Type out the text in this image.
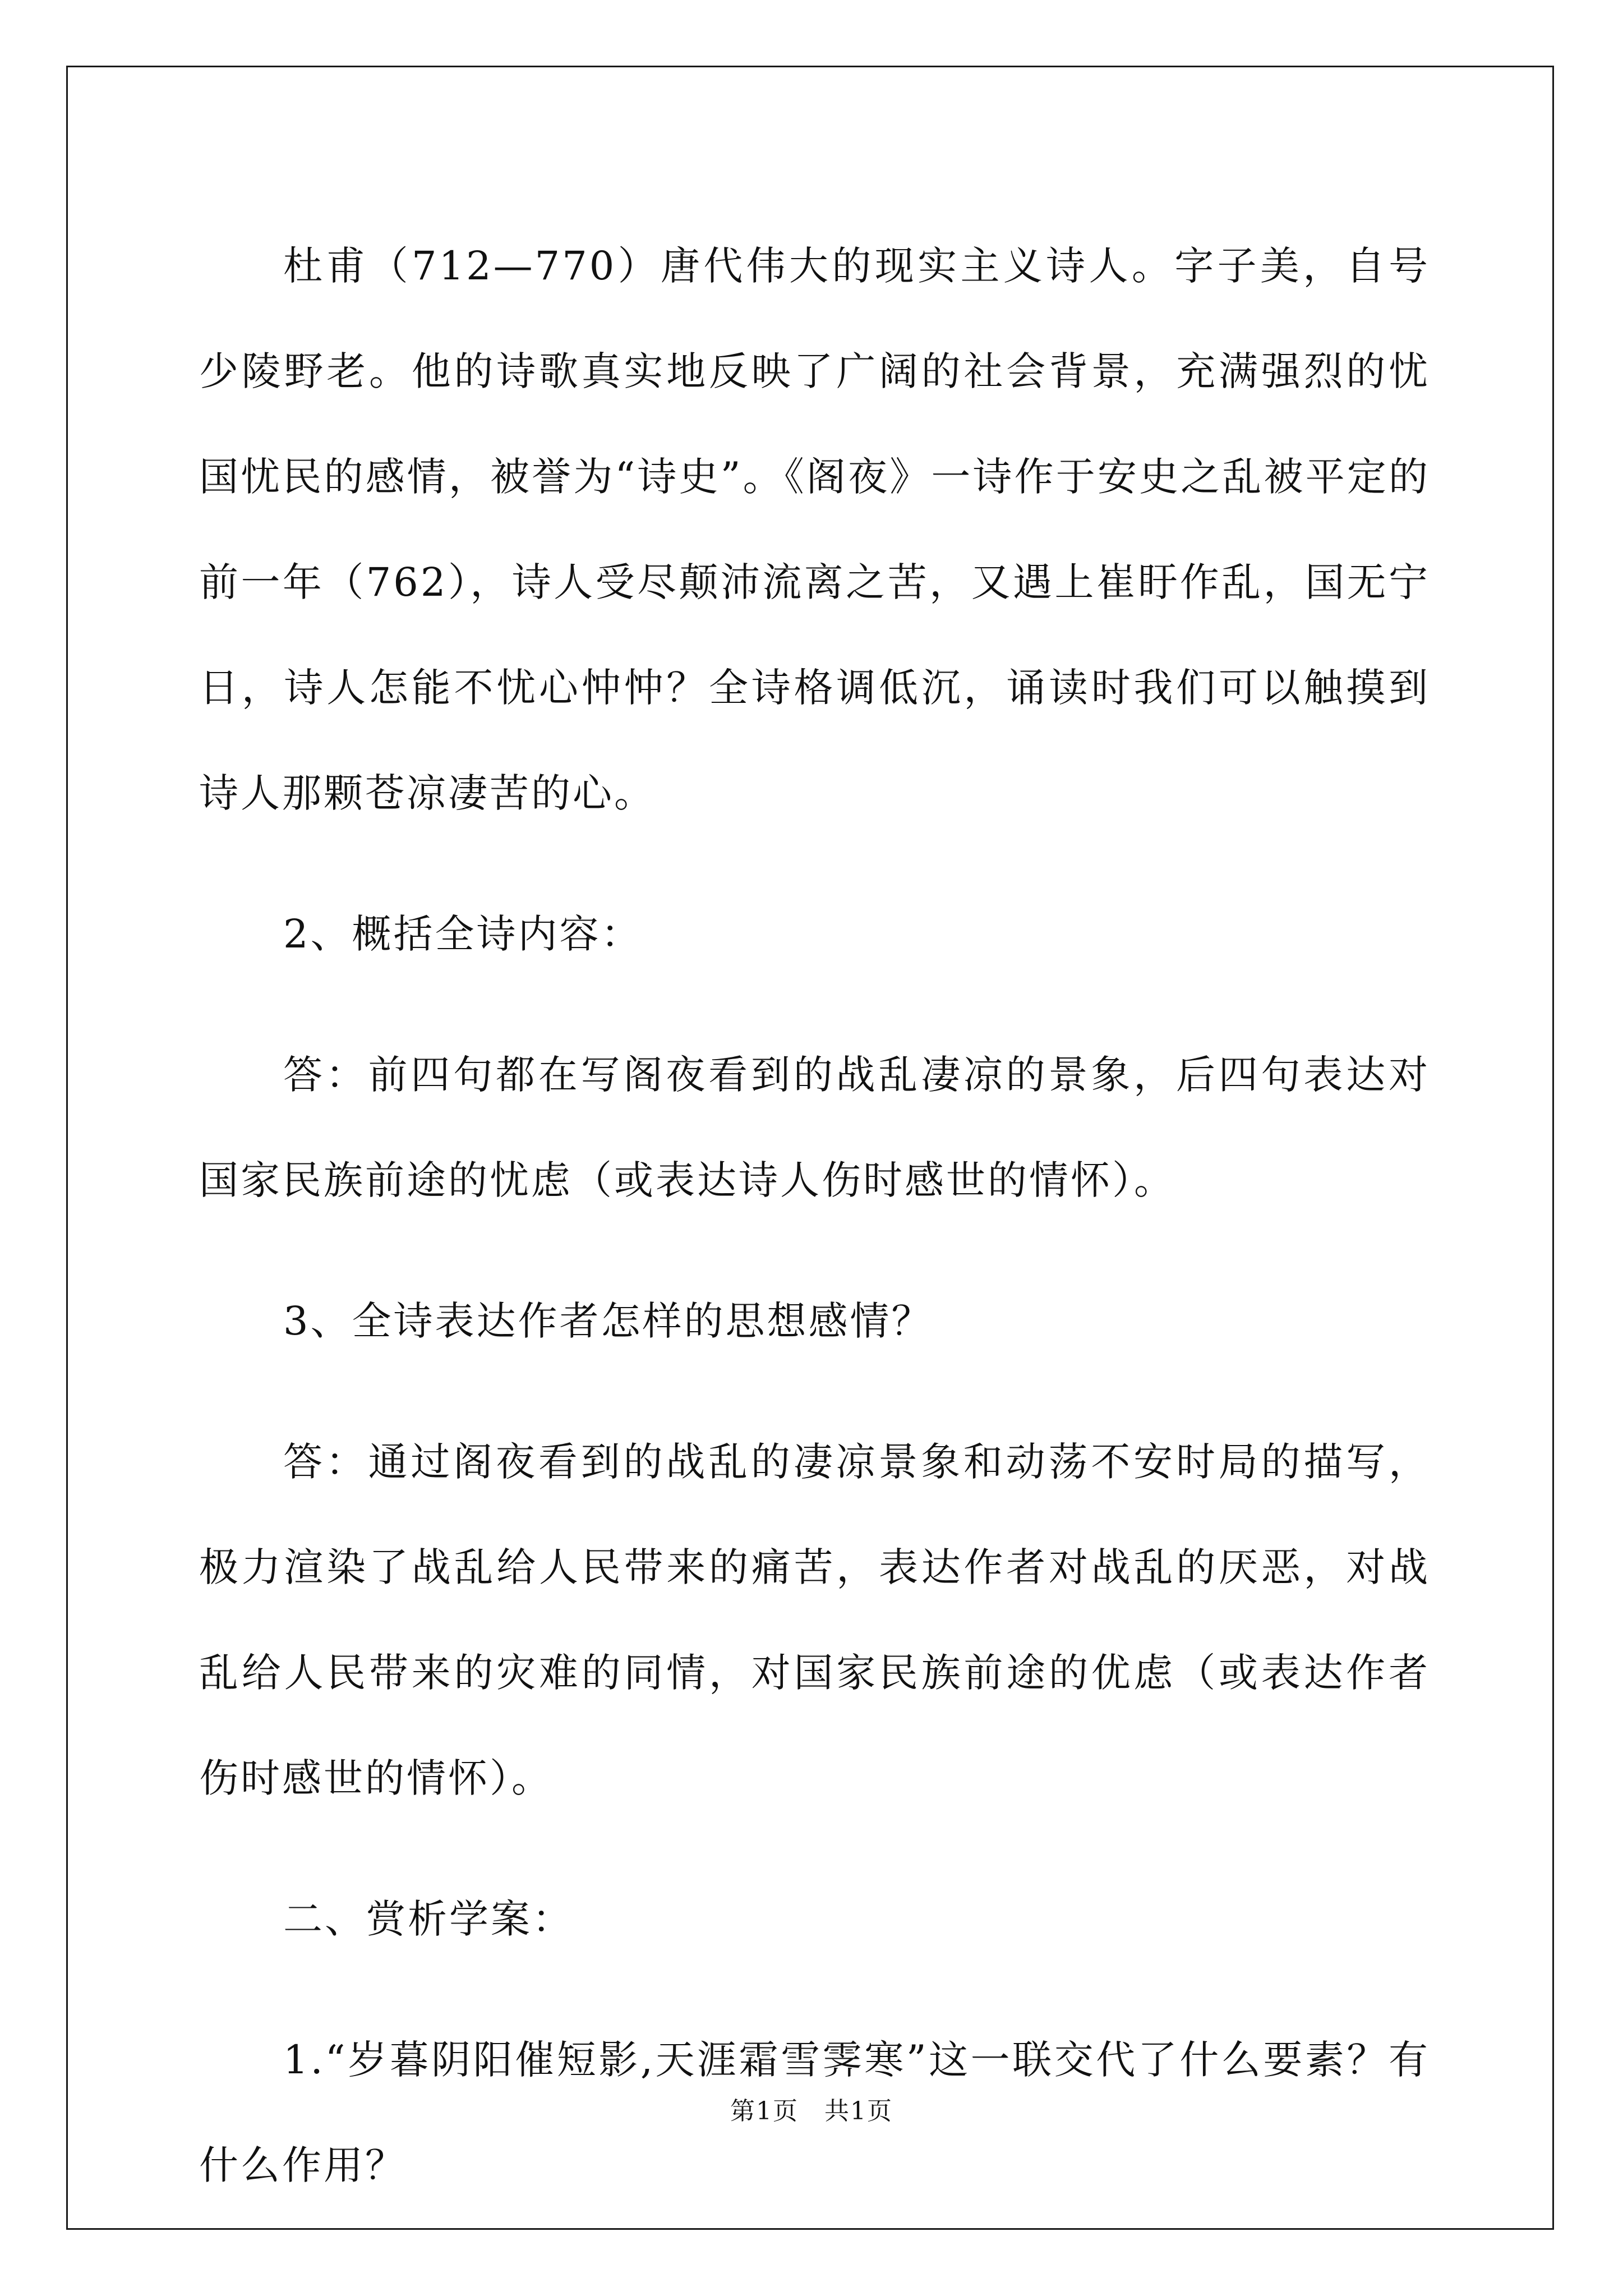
杜甫（712—770）唐代伟大的现实主义诗人。字子美，自号少陵野老。他的诗歌真实地反映了广阔的社会背景，充满强烈的忧国忧民的感情，被誉为“诗史”。《阁夜》一诗作于安史之乱被平定的前一年（762），诗人受尽颠沛流离之苦，又遇上崔盱作乱，国无宁日，诗人怎能不忧心忡忡？全诗格调低沉，诵读时我们可以触摸到诗人那颗苍凉凄苦的心。

2、概括全诗内容：

答：前四句都在写阁夜看到的战乱凄凉的景象，后四句表达对国家民族前途的忧虑（或表达诗人伤时感世的情怀）。

3、全诗表达作者怎样的思想感情？

答：通过阁夜看到的战乱的凄凉景象和动荡不安时局的描写，极力渲染了战乱给人民带来的痛苦，表达作者对战乱的厌恶，对战乱给人民带来的灾难的同情，对国家民族前途的优虑（或表达作者伤时感世的情怀）。

二、赏析学案：

1.“岁暮阴阳催短影,天涯霜雪霁寒”这一联交代了什么要素？有什么作用？

第1页　共1页
